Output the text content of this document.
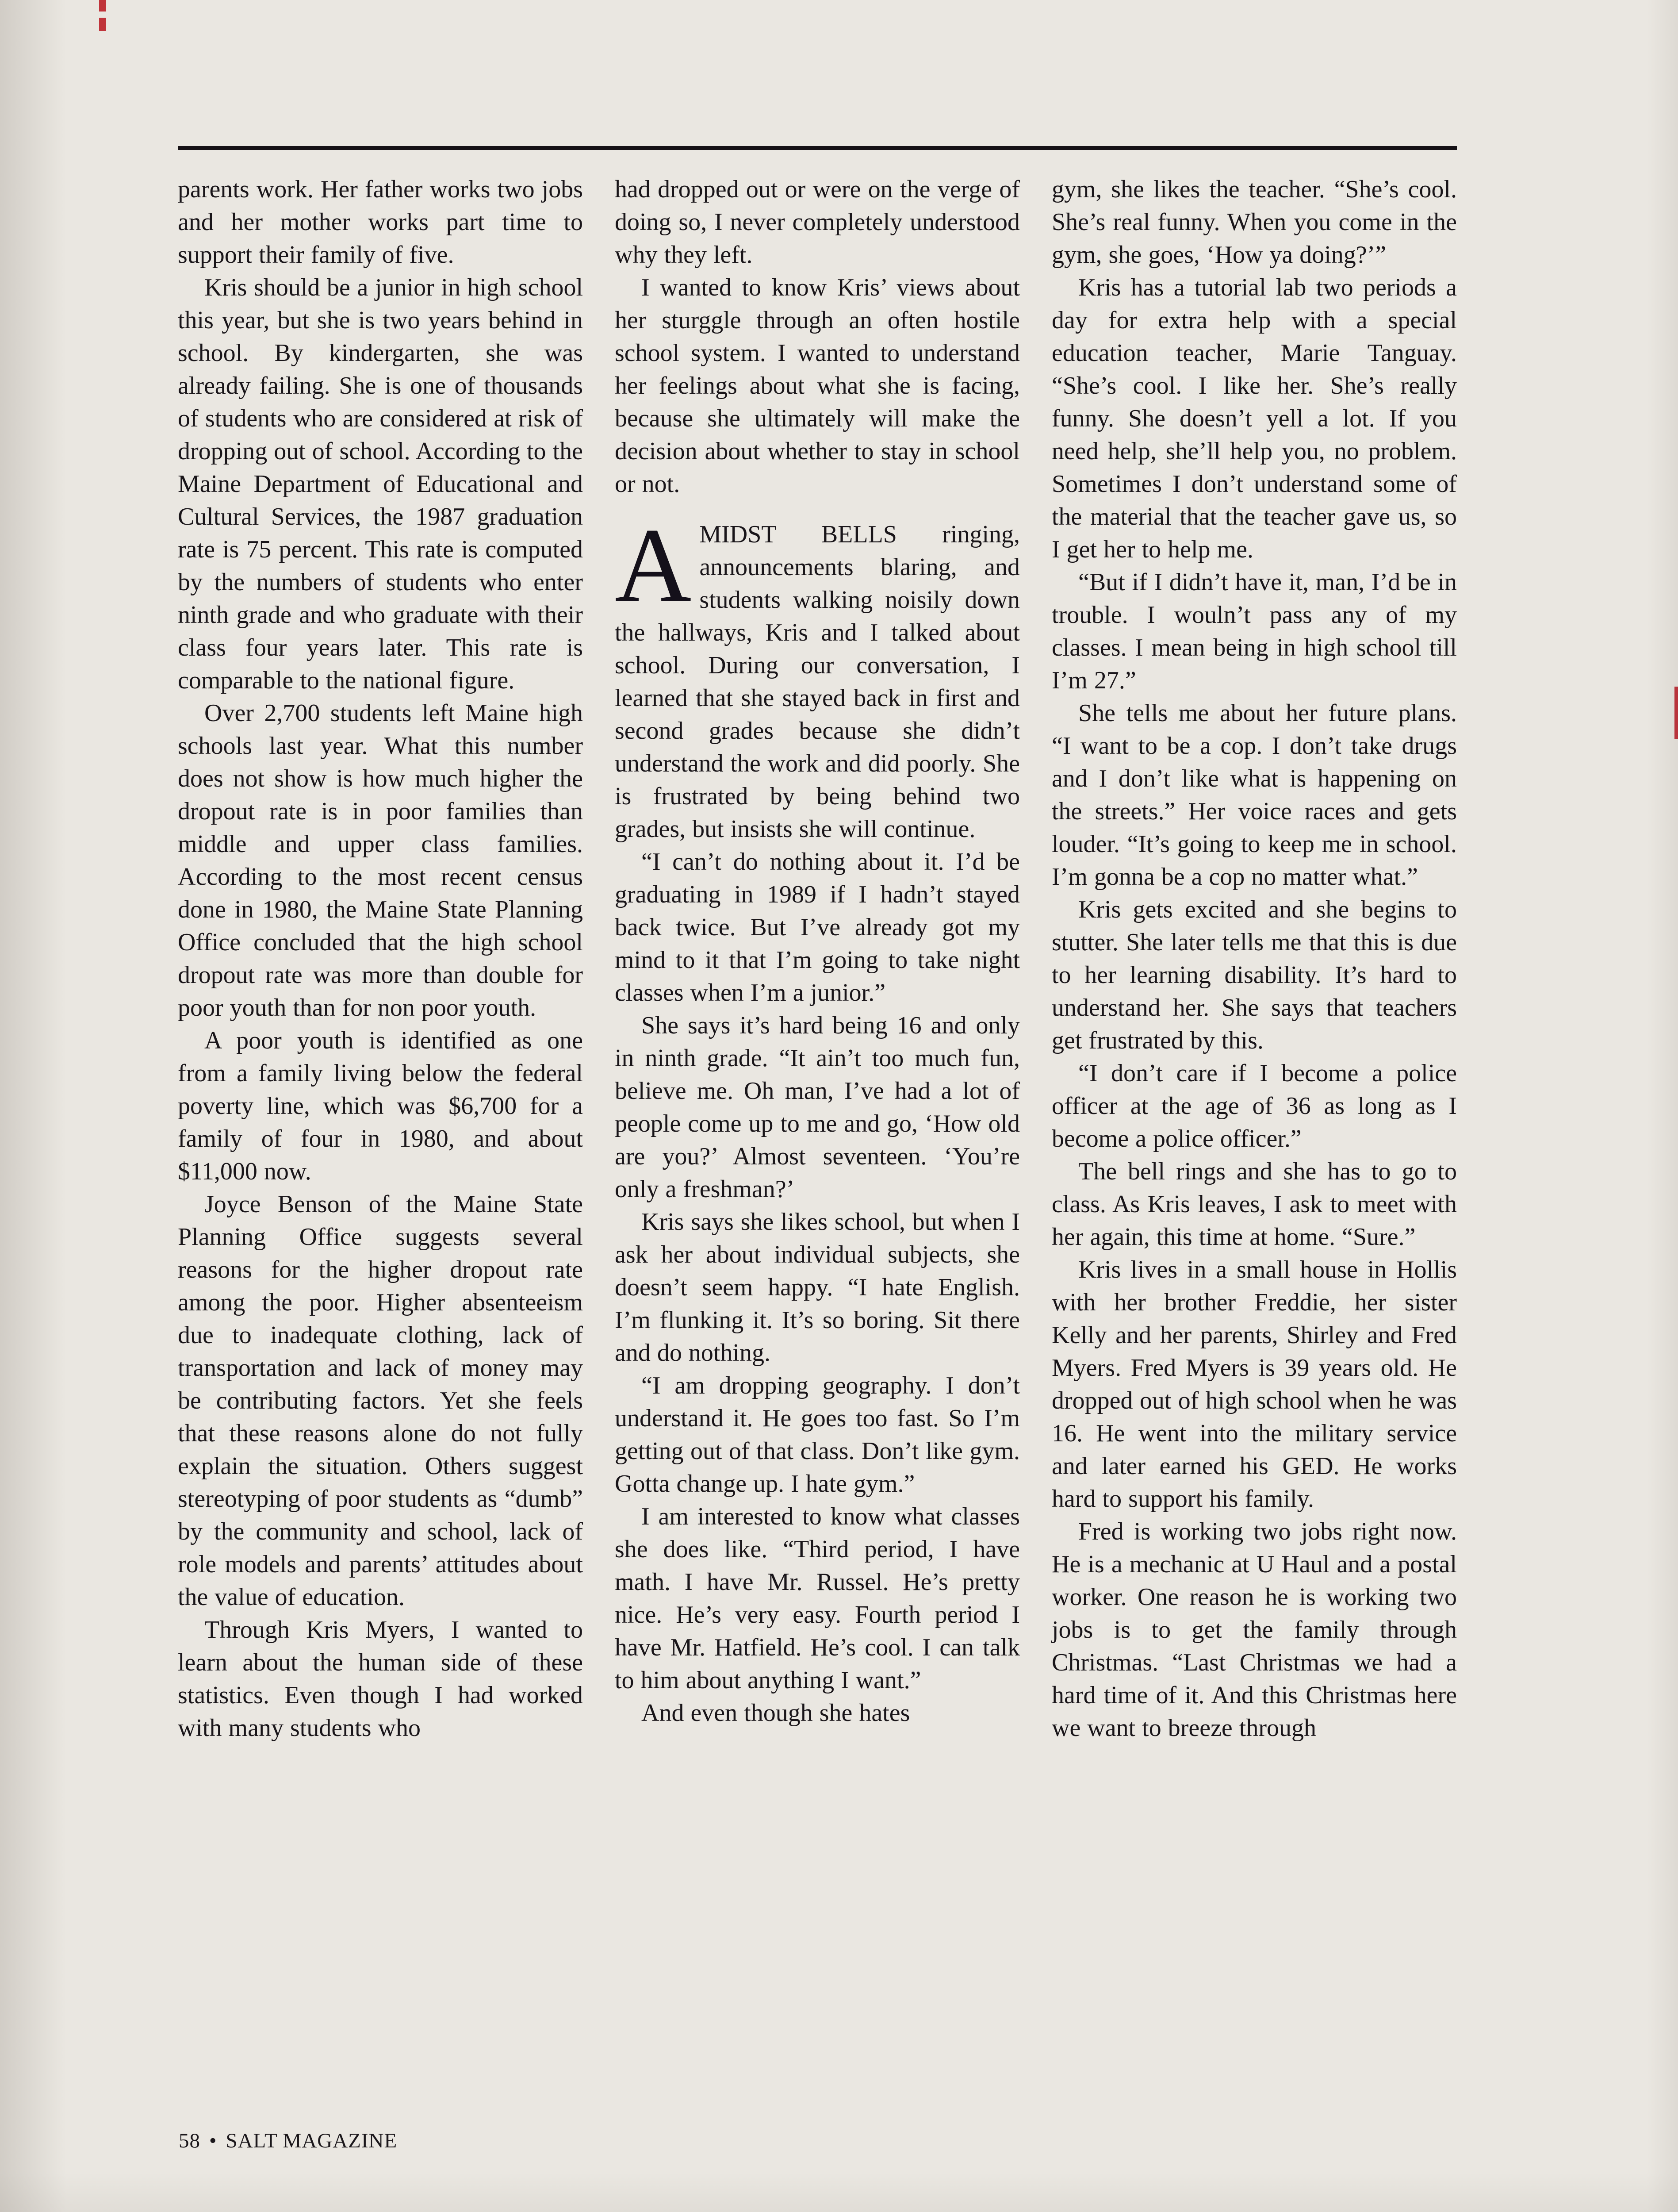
parents work. Her father works two jobs and her mother works part time to support their family of five.

Kris should be a junior in high school this year, but she is two years behind in school. By kindergarten, she was already failing. She is one of thousands of students who are considered at risk of dropping out of school. According to the Maine Department of Educational and Cultural Services, the 1987 graduation rate is 75 percent. This rate is computed by the numbers of students who enter ninth grade and who graduate with their class four years later. This rate is comparable to the national figure.

Over 2,700 students left Maine high schools last year. What this number does not show is how much higher the dropout rate is in poor families than middle and upper class families. According to the most recent census done in 1980, the Maine State Planning Office concluded that the high school dropout rate was more than double for poor youth than for non poor youth.

A poor youth is identified as one from a family living below the federal poverty line, which was $6,700 for a family of four in 1980, and about $11,000 now.

Joyce Benson of the Maine State Planning Office suggests several reasons for the higher dropout rate among the poor. Higher absenteeism due to inadequate clothing, lack of transportation and lack of money may be contributing factors. Yet she feels that these reasons alone do not fully explain the situation. Others suggest stereotyping of poor students as “dumb” by the community and school, lack of role models and parents’ attitudes about the value of education.

Through Kris Myers, I wanted to learn about the human side of these statistics. Even though I had worked with many students who

had dropped out or were on the verge of doing so, I never completely understood why they left.

I wanted to know Kris’ views about her sturggle through an often hostile school system. I wanted to understand her feelings about what she is facing, because she ultimately will make the decision about whether to stay in school or not.

AMIDST BELLS ringing, announcements blaring, and students walking noisily down the hallways, Kris and I talked about school. During our conversation, I learned that she stayed back in first and second grades because she didn’t understand the work and did poorly. She is frustrated by being behind two grades, but insists she will continue.

“I can’t do nothing about it. I’d be graduating in 1989 if I hadn’t stayed back twice. But I’ve already got my mind to it that I’m going to take night classes when I’m a junior.”

She says it’s hard being 16 and only in ninth grade. “It ain’t too much fun, believe me. Oh man, I’ve had a lot of people come up to me and go, ‘How old are you?’ Almost seventeen. ‘You’re only a freshman?’

Kris says she likes school, but when I ask her about individual subjects, she doesn’t seem happy. “I hate English. I’m flunking it. It’s so boring. Sit there and do nothing.

“I am dropping geography. I don’t understand it. He goes too fast. So I’m getting out of that class. Don’t like gym. Gotta change up. I hate gym.”

I am interested to know what classes she does like. “Third period, I have math. I have Mr. Russel. He’s pretty nice. He’s very easy. Fourth period I have Mr. Hatfield. He’s cool. I can talk to him about anything I want.”

And even though she hates

gym, she likes the teacher. “She’s cool. She’s real funny. When you come in the gym, she goes, ‘How ya doing?’”

Kris has a tutorial lab two periods a day for extra help with a special education teacher, Marie Tanguay. “She’s cool. I like her. She’s really funny. She doesn’t yell a lot. If you need help, she’ll help you, no problem. Sometimes I don’t understand some of the material that the teacher gave us, so I get her to help me.

“But if I didn’t have it, man, I’d be in trouble. I wouln’t pass any of my classes. I mean being in high school till I’m 27.”

She tells me about her future plans. “I want to be a cop. I don’t take drugs and I don’t like what is happening on the streets.” Her voice races and gets louder. “It’s going to keep me in school. I’m gonna be a cop no matter what.”

Kris gets excited and she begins to stutter. She later tells me that this is due to her learning disability. It’s hard to understand her. She says that teachers get frustrated by this.

“I don’t care if I become a police officer at the age of 36 as long as I become a police officer.”

The bell rings and she has to go to class. As Kris leaves, I ask to meet with her again, this time at home. “Sure.”

Kris lives in a small house in Hollis with her brother Freddie, her sister Kelly and her parents, Shirley and Fred Myers. Fred Myers is 39 years old. He dropped out of high school when he was 16. He went into the military service and later earned his GED. He works hard to support his family.

Fred is working two jobs right now. He is a mechanic at U Haul and a postal worker. One reason he is working two jobs is to get the family through Christmas. “Last Christmas we had a hard time of it. And this Christmas here we want to breeze through

58 • SALT MAGAZINE
